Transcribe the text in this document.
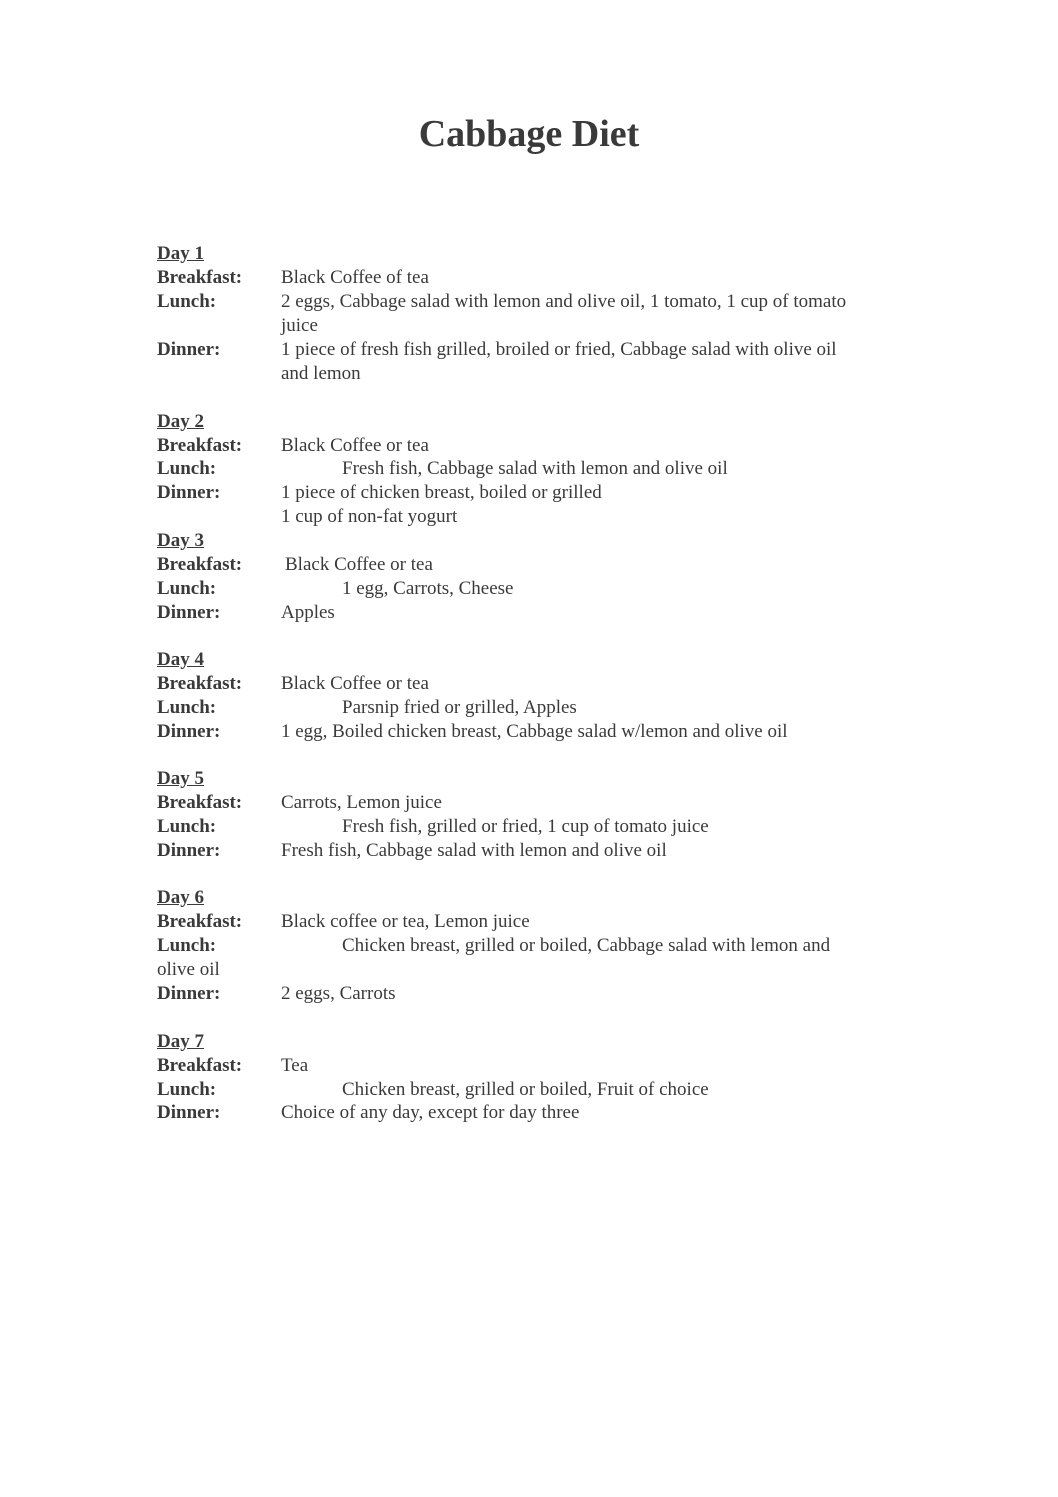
Cabbage Diet
Day 1
Breakfast: Black Coffee of tea
Lunch:	2 eggs, Cabbage salad with lemon and olive oil, 1 tomato, 1 cup of tomato
juice
Dinner:	1 piece of fresh fish grilled, broiled or fried, Cabbage salad with olive oil
and lemon
Day 2
Breakfast: Black Coffee or tea
Lunch:	Fresh fish, Cabbage salad with lemon and olive oil
Dinner:	1 piece of chicken breast, boiled or grilled
1 cup of non-fat yogurt
Day 3
Breakfast: Black Coffee or tea
Lunch:	1 egg, Carrots, Cheese
Dinner:	Apples
Day 4
Breakfast: Black Coffee or tea
Lunch:	Parsnip fried or grilled, Apples
Dinner:	1 egg, Boiled chicken breast, Cabbage salad w/lemon and olive oil
Day 5
Breakfast: Carrots, Lemon juice
Lunch:	Fresh fish, grilled or fried, 1 cup of tomato juice
Dinner:	Fresh fish, Cabbage salad with lemon and olive oil
Day 6
Breakfast: Black coffee or tea, Lemon juice
Lunch:	Chicken breast, grilled or boiled, Cabbage salad with lemon and
olive oil
Dinner:	2 eggs, Carrots
Day 7
Breakfast: Tea
Lunch:	Chicken breast, grilled or boiled, Fruit of choice
Dinner:	Choice of any day, except for day three
